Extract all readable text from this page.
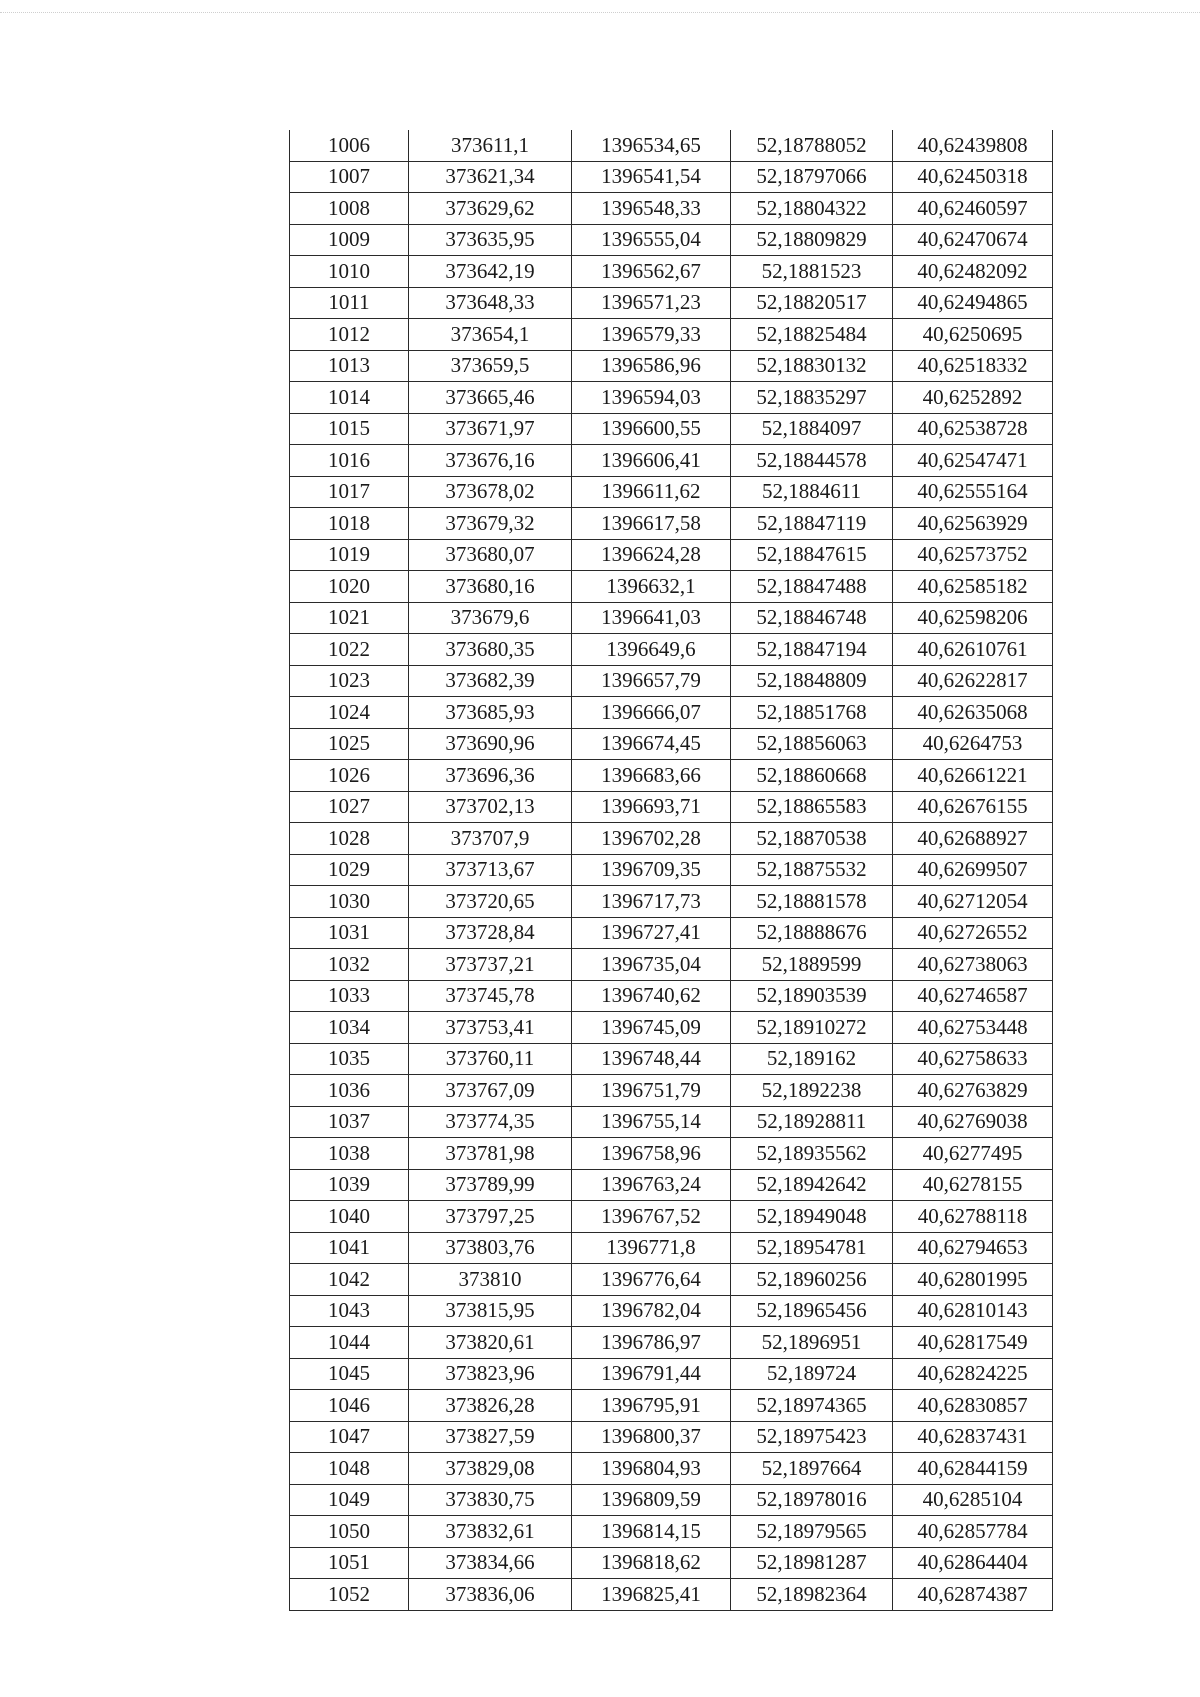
1006	373611,1	1396534,65	52,18788052	40,62439808
1007	373621,34	1396541,54	52,18797066	40,62450318
1008	373629,62	1396548,33	52,18804322	40,62460597
1009	373635,95	1396555,04	52,18809829	40,62470674
1010	373642,19	1396562,67	52,1881523	40,62482092
1011	373648,33	1396571,23	52,18820517	40,62494865
1012	373654,1	1396579,33	52,18825484	40,6250695
1013	373659,5	1396586,96	52,18830132	40,62518332
1014	373665,46	1396594,03	52,18835297	40,6252892
1015	373671,97	1396600,55	52,1884097	40,62538728
1016	373676,16	1396606,41	52,18844578	40,62547471
1017	373678,02	1396611,62	52,1884611	40,62555164
1018	373679,32	1396617,58	52,18847119	40,62563929
1019	373680,07	1396624,28	52,18847615	40,62573752
1020	373680,16	1396632,1	52,18847488	40,62585182
1021	373679,6	1396641,03	52,18846748	40,62598206
1022	373680,35	1396649,6	52,18847194	40,62610761
1023	373682,39	1396657,79	52,18848809	40,62622817
1024	373685,93	1396666,07	52,18851768	40,62635068
1025	373690,96	1396674,45	52,18856063	40,6264753
1026	373696,36	1396683,66	52,18860668	40,62661221
1027	373702,13	1396693,71	52,18865583	40,62676155
1028	373707,9	1396702,28	52,18870538	40,62688927
1029	373713,67	1396709,35	52,18875532	40,62699507
1030	373720,65	1396717,73	52,18881578	40,62712054
1031	373728,84	1396727,41	52,18888676	40,62726552
1032	373737,21	1396735,04	52,1889599	40,62738063
1033	373745,78	1396740,62	52,18903539	40,62746587
1034	373753,41	1396745,09	52,18910272	40,62753448
1035	373760,11	1396748,44	52,189162	40,62758633
1036	373767,09	1396751,79	52,1892238	40,62763829
1037	373774,35	1396755,14	52,18928811	40,62769038
1038	373781,98	1396758,96	52,18935562	40,6277495
1039	373789,99	1396763,24	52,18942642	40,6278155
1040	373797,25	1396767,52	52,18949048	40,62788118
1041	373803,76	1396771,8	52,18954781	40,62794653
1042	373810	1396776,64	52,18960256	40,62801995
1043	373815,95	1396782,04	52,18965456	40,62810143
1044	373820,61	1396786,97	52,1896951	40,62817549
1045	373823,96	1396791,44	52,189724	40,62824225
1046	373826,28	1396795,91	52,18974365	40,62830857
1047	373827,59	1396800,37	52,18975423	40,62837431
1048	373829,08	1396804,93	52,1897664	40,62844159
1049	373830,75	1396809,59	52,18978016	40,6285104
1050	373832,61	1396814,15	52,18979565	40,62857784
1051	373834,66	1396818,62	52,18981287	40,62864404
1052	373836,06	1396825,41	52,18982364	40,62874387
